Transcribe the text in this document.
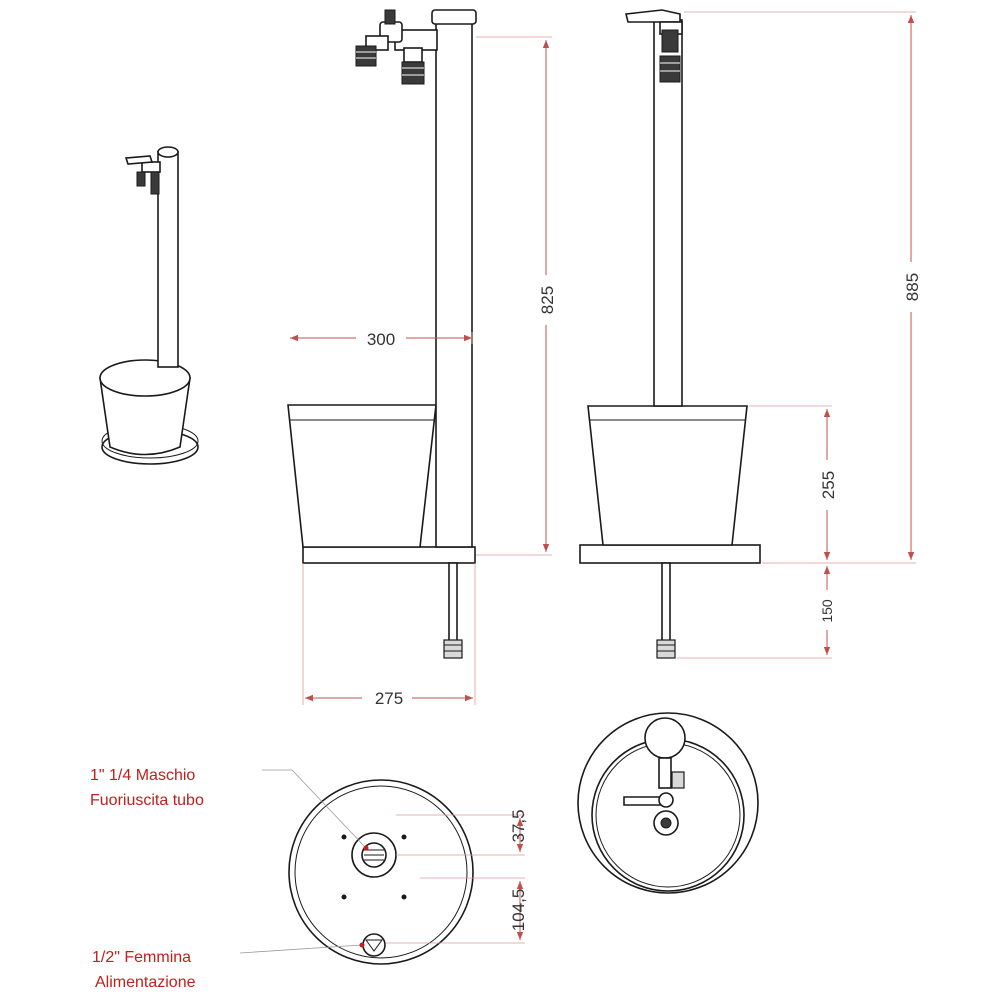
825
300
275
885
255
150
37,5
104,5
1" 1/4 Maschio
Fuoriuscita tubo
1/2" Femmina
Alimentazione
